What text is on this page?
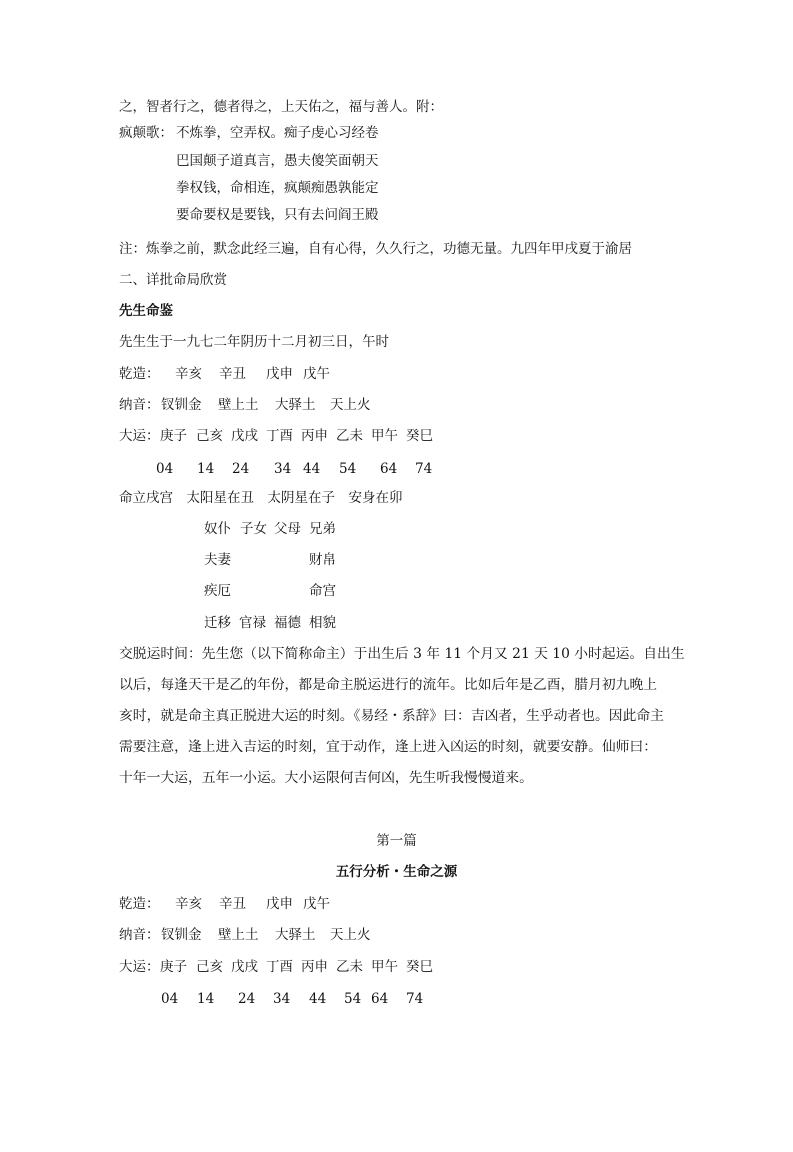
之，智者行之，德者得之，上天佑之，福与善人。附：
疯颠歌： 不炼拳，空弄权。痴子虔心习经卷
巴国颠子道真言，愚夫傻笑面朝天
拳权钱，命相连，疯颠痴愚孰能定
要命要权是要钱，只有去问阎王殿
注：炼拳之前，默念此经三遍，自有心得，久久行之，功德无量。九四年甲戌夏于渝居
二、详批命局欣赏
先生命鉴
先生生于一九七二年阴历十二月初三日，午时

乾造：

辛亥

辛丑

戊申

戊午

纳音：

钗钏金

壁上土

大驿土

天上火

大运：

庚子

己亥

戊戌

丁酉

丙申

乙未

甲午

癸巳

04

14

24

34

44

54

64

74

命立戌宫　太阳星在丑　太阴星在子　安身在卯

奴仆

子女

父母

兄弟

夫妻

	财帛

疾厄

	命宫

迁移

官禄

福德

相貌

交脱运时间：先生您（以下简称命主）于出生后 3 年 11 个月又 21 天 10 小时起运。自出生
以后，每逢天干是乙的年份，都是命主脱运进行的流年。比如后年是乙酉，腊月初九晚上
亥时，就是命主真正脱进大运的时刻。《易经・系辞》曰：吉凶者，生乎动者也。因此命主
需要注意，逢上进入吉运的时刻，宜于动作，逢上进入凶运的时刻，就要安静。仙师曰：
十年一大运，五年一小运。大小运限何吉何凶，先生听我慢慢道来。
第一篇
五行分析・生命之源

乾造：

辛亥

辛丑

戊申

戊午

纳音：

钗钏金

壁上土

大驿土

天上火

大运：

庚子

己亥

戊戌

丁酉

丙申

乙未

甲午

癸巳

04

14

24

34

44

54

64

74
